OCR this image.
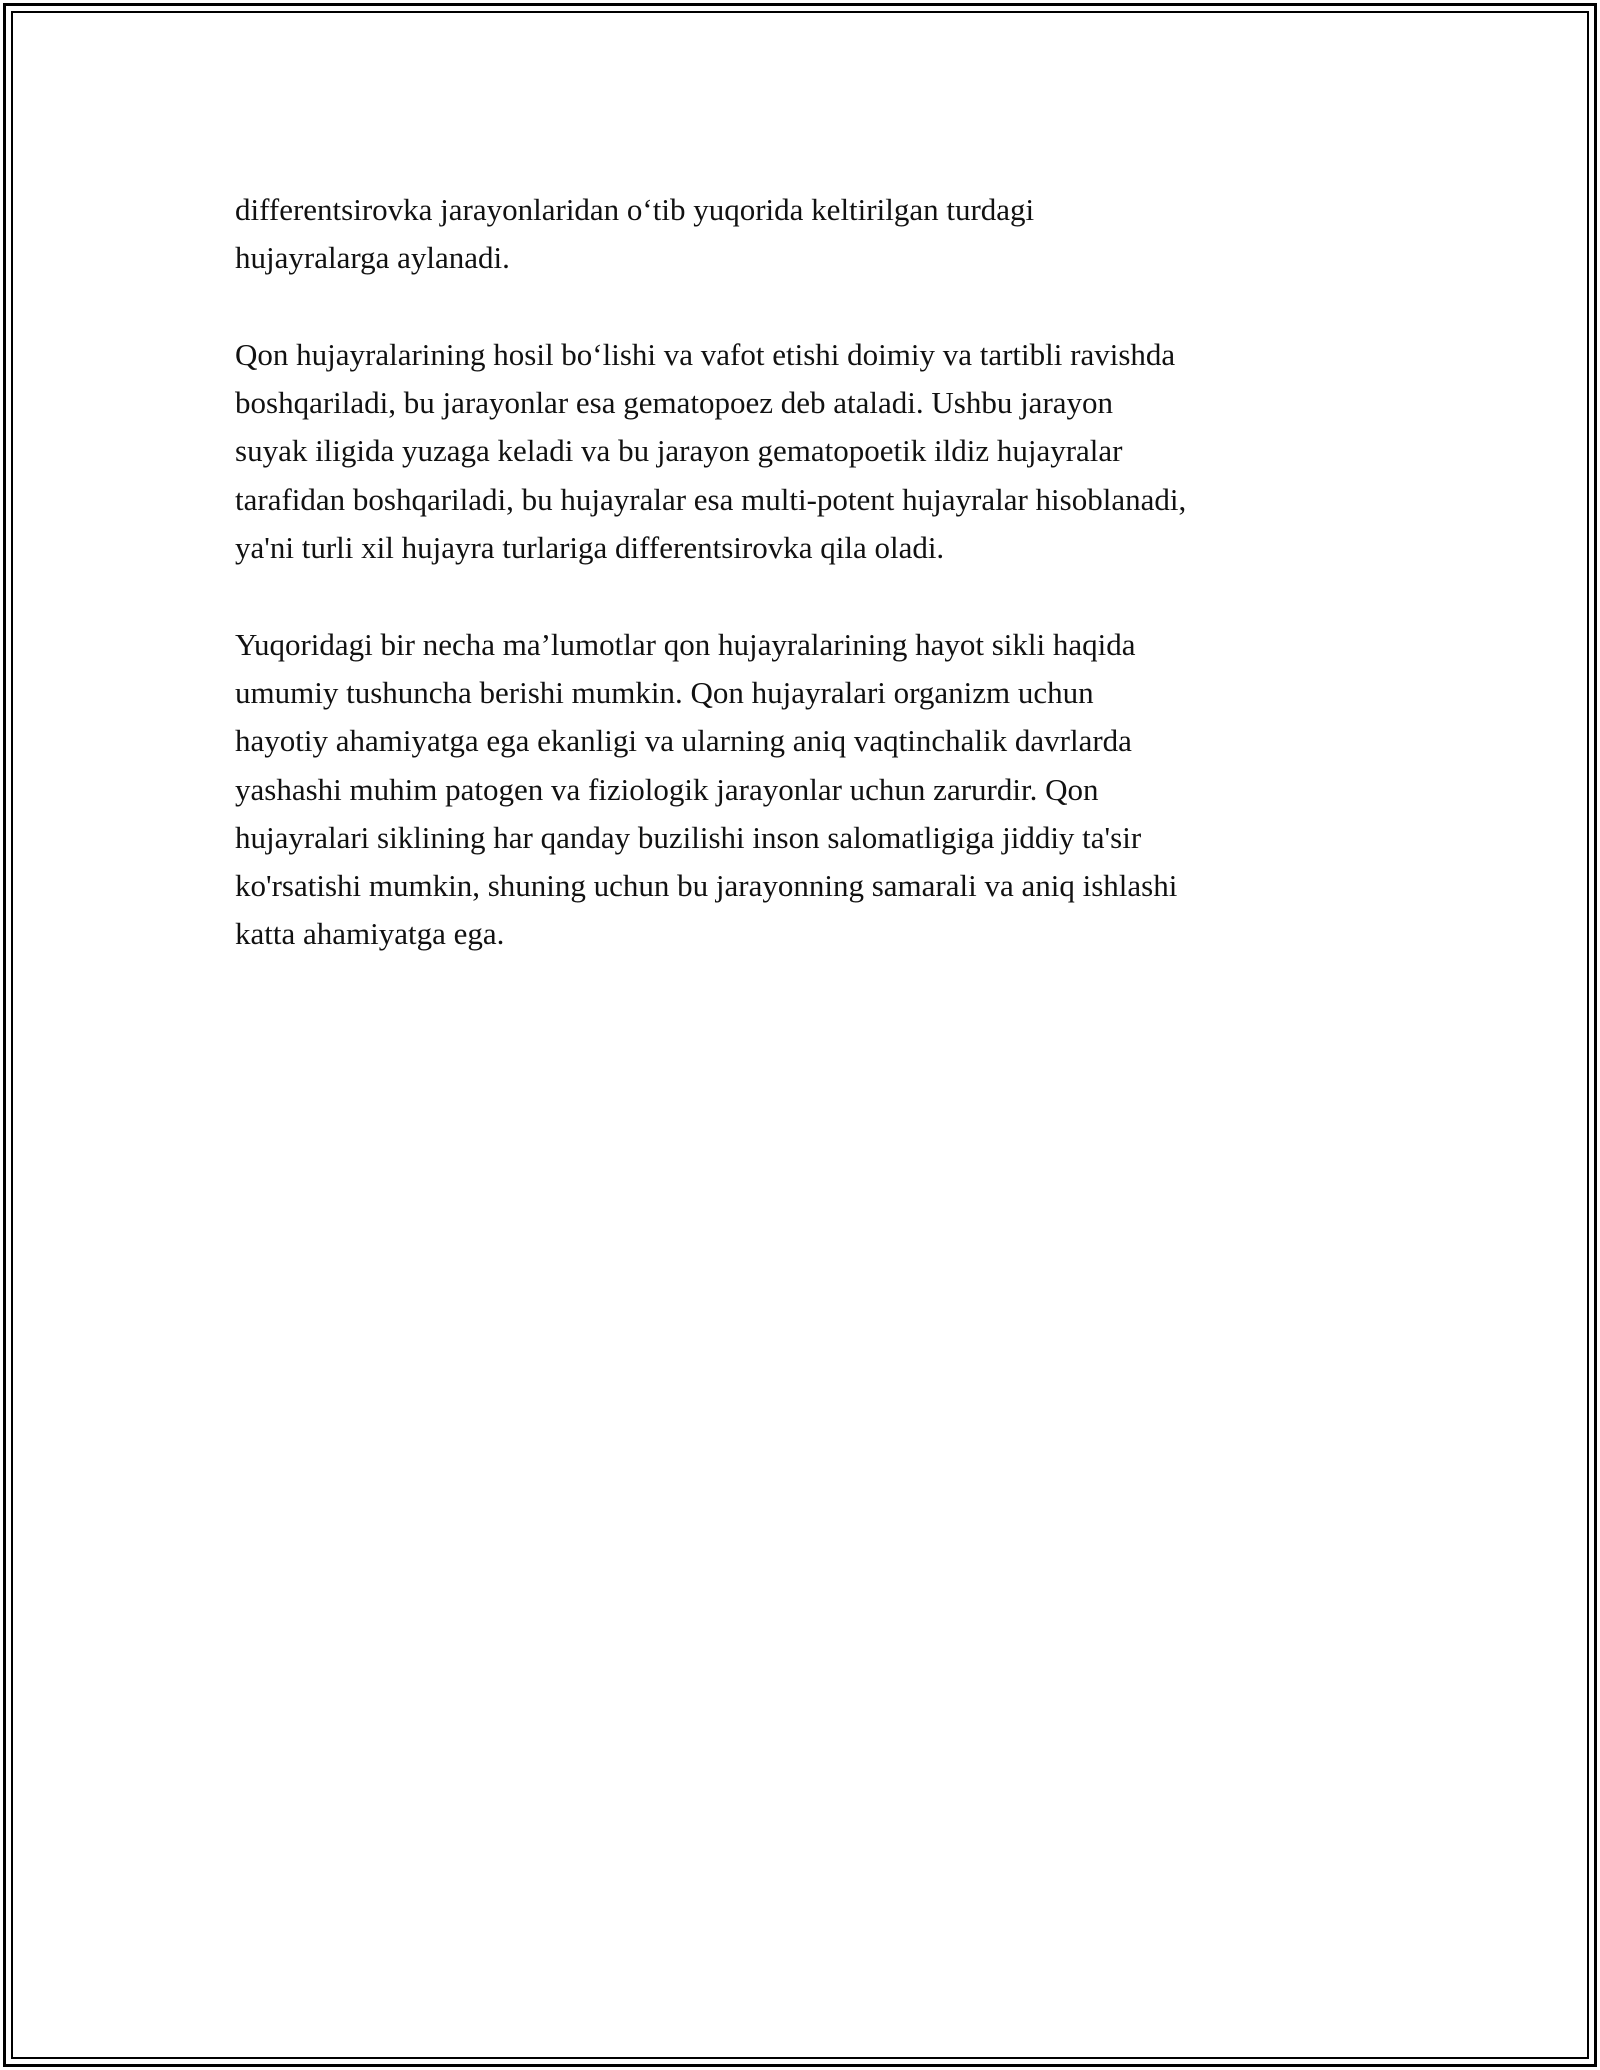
differentsirovka jarayonlaridan o‘tib yuqorida keltirilgan turdagi
hujayralarga aylanadi.

Qon hujayralarining hosil bo‘lishi va vafot etishi doimiy va tartibli ravishda
boshqariladi, bu jarayonlar esa gematopoez deb ataladi. Ushbu jarayon
suyak iligida yuzaga keladi va bu jarayon gematopoetik ildiz hujayralar
tarafidan boshqariladi, bu hujayralar esa multi-potent hujayralar hisoblanadi,
ya'ni turli xil hujayra turlariga differentsirovka qila oladi.

Yuqoridagi bir necha ma’lumotlar qon hujayralarining hayot sikli haqida
umumiy tushuncha berishi mumkin. Qon hujayralari organizm uchun
hayotiy ahamiyatga ega ekanligi va ularning aniq vaqtinchalik davrlarda
yashashi muhim patogen va fiziologik jarayonlar uchun zarurdir. Qon
hujayralari siklining har qanday buzilishi inson salomatligiga jiddiy ta'sir
ko'rsatishi mumkin, shuning uchun bu jarayonning samarali va aniq ishlashi
katta ahamiyatga ega.
